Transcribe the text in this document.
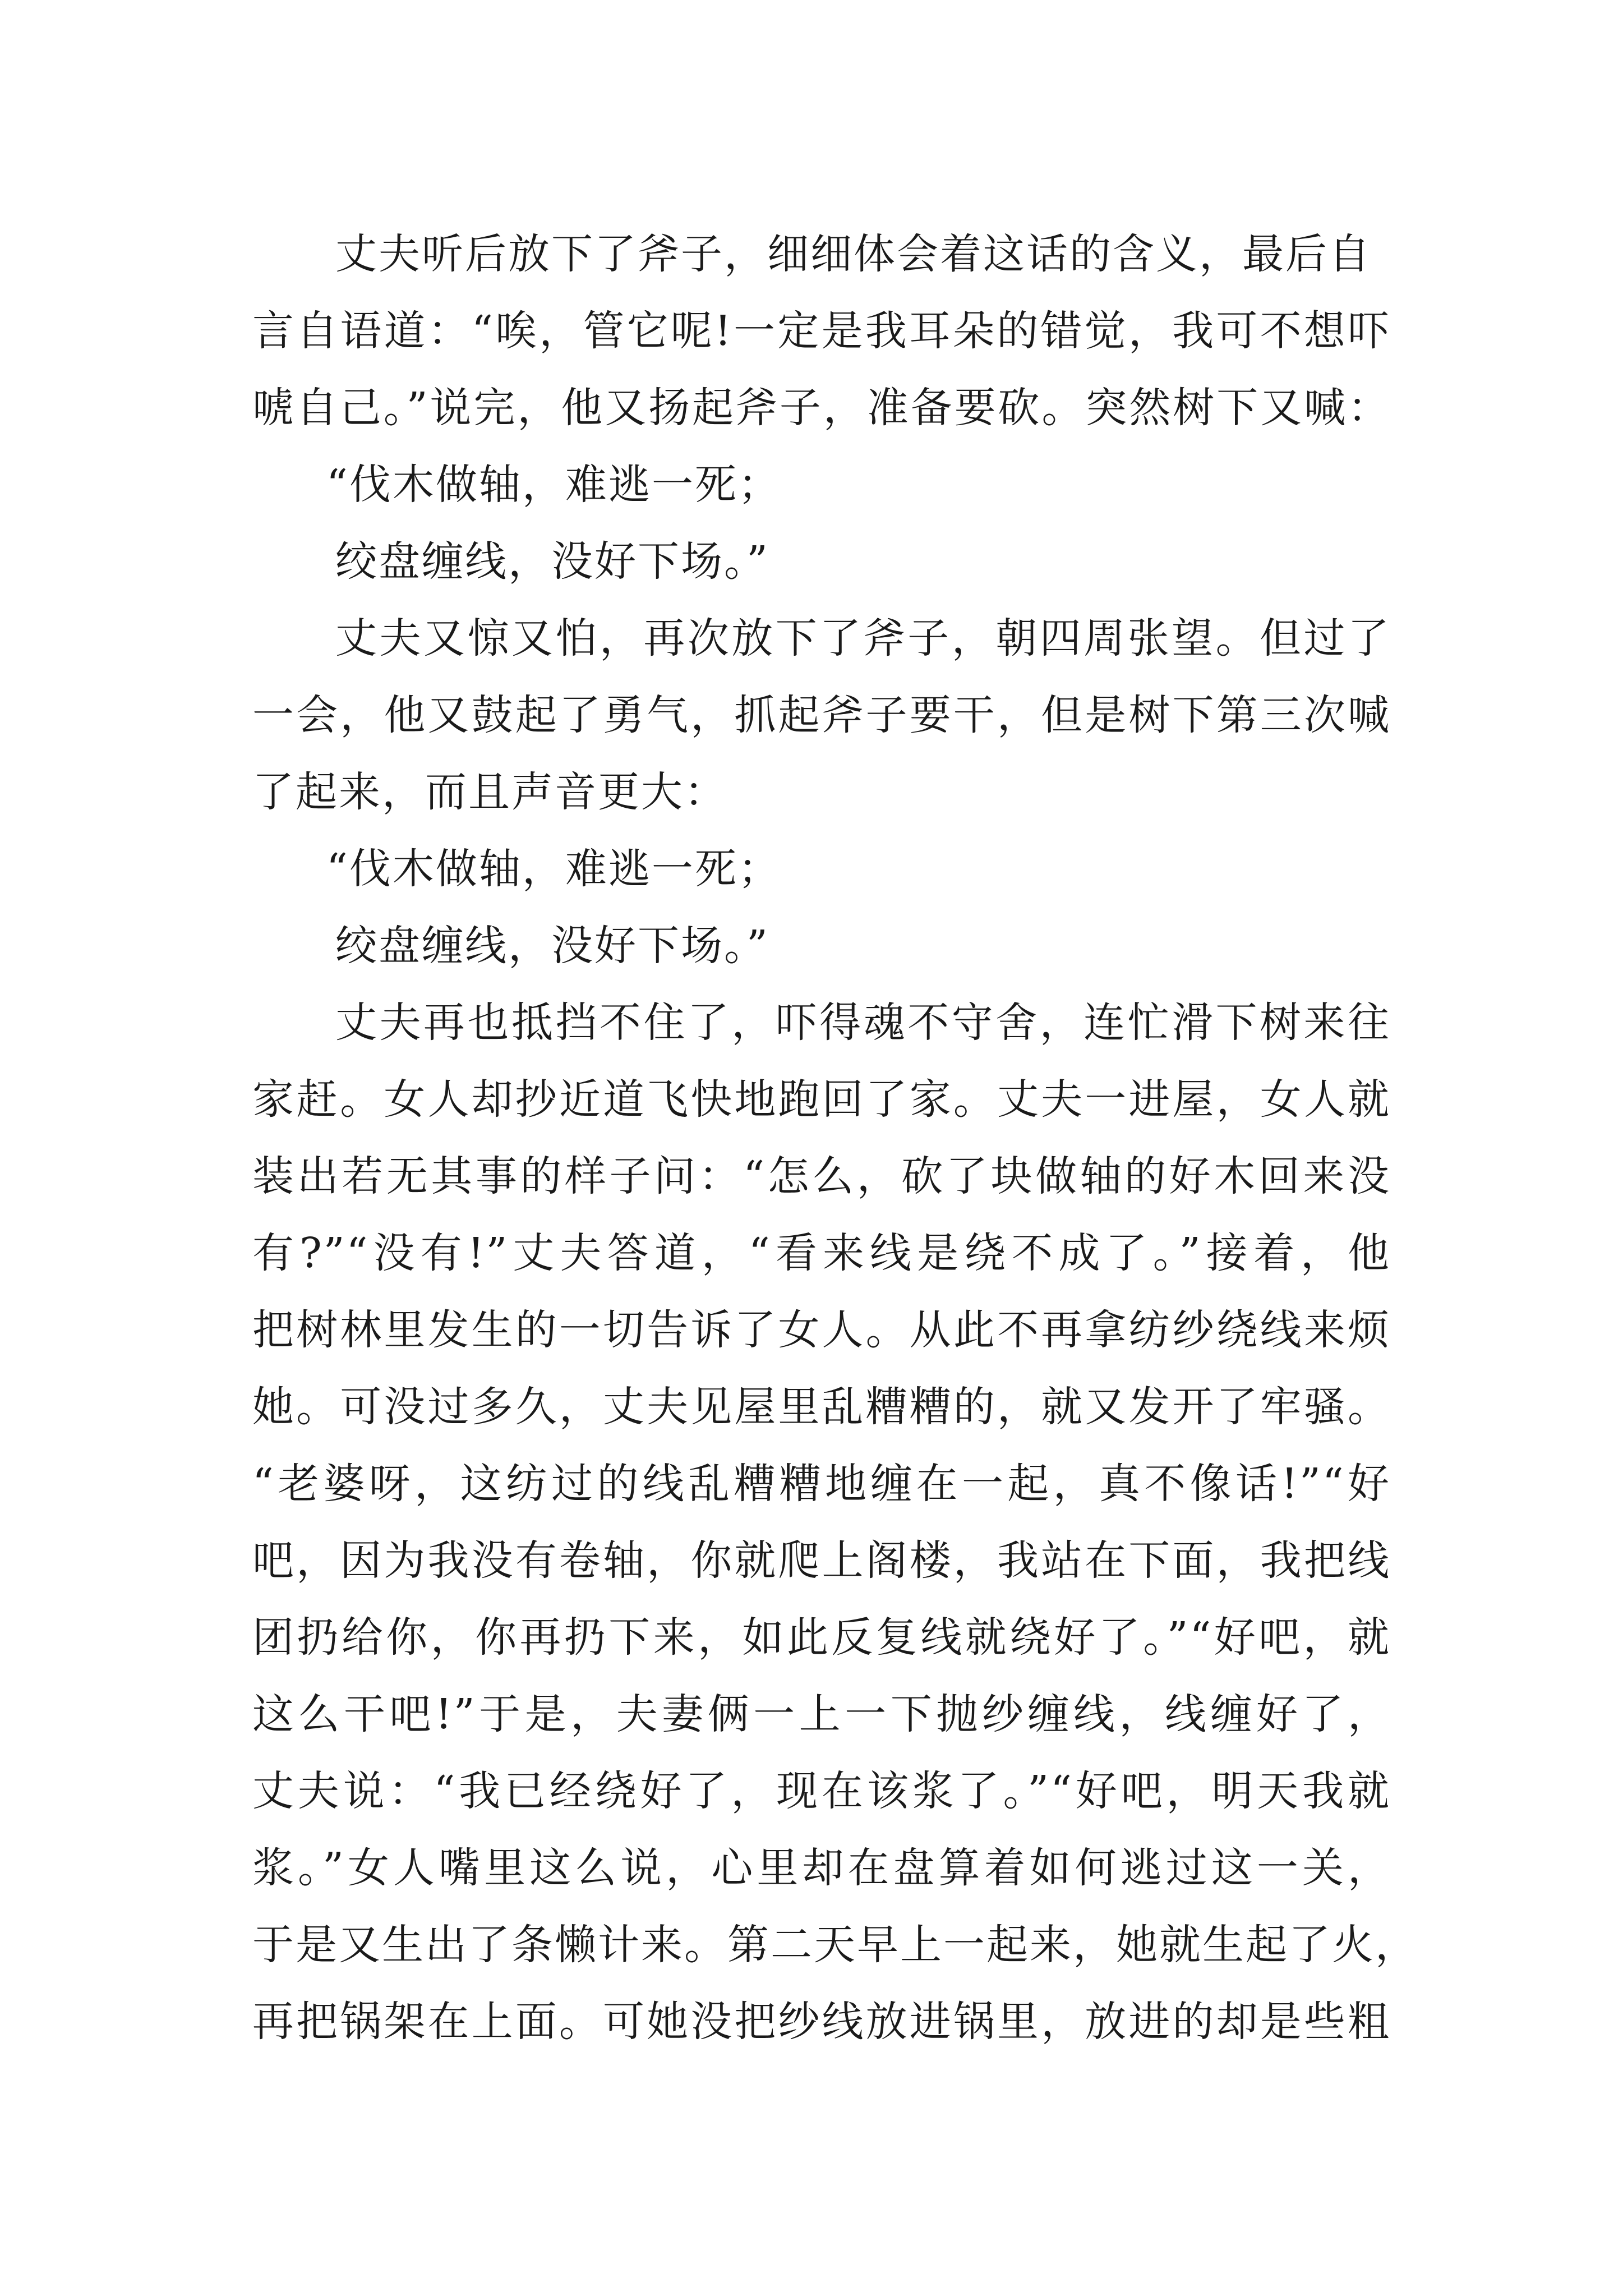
丈夫听后放下了斧子，细细体会着这话的含义，最后自
言自语道：“唉，管它呢!一定是我耳朵的错觉，我可不想吓
唬自己。”说完，他又扬起斧子，准备要砍。突然树下又喊：
“伐木做轴，难逃一死；
绞盘缠线，没好下场。”
丈夫又惊又怕，再次放下了斧子，朝四周张望。但过了
一会，他又鼓起了勇气，抓起斧子要干，但是树下第三次喊
了起来，而且声音更大：
“伐木做轴，难逃一死；
绞盘缠线，没好下场。”
丈夫再也抵挡不住了，吓得魂不守舍，连忙滑下树来往
家赶。女人却抄近道飞快地跑回了家。丈夫一进屋，女人就
装出若无其事的样子问：“怎么，砍了块做轴的好木回来没
有?”“没有!”丈夫答道，“看来线是绕不成了。”接着，他
把树林里发生的一切告诉了女人。从此不再拿纺纱绕线来烦
她。可没过多久，丈夫见屋里乱糟糟的，就又发开了牢骚。
“老婆呀，这纺过的线乱糟糟地缠在一起，真不像话!”“好
吧，因为我没有卷轴，你就爬上阁楼，我站在下面，我把线
团扔给你，你再扔下来，如此反复线就绕好了。”“好吧，就
这么干吧!”于是，夫妻俩一上一下抛纱缠线，线缠好了，
丈夫说：“我已经绕好了，现在该浆了。”“好吧，明天我就
浆。”女人嘴里这么说，心里却在盘算着如何逃过这一关，
于是又生出了条懒计来。第二天早上一起来，她就生起了火，
再把锅架在上面。可她没把纱线放进锅里，放进的却是些粗
